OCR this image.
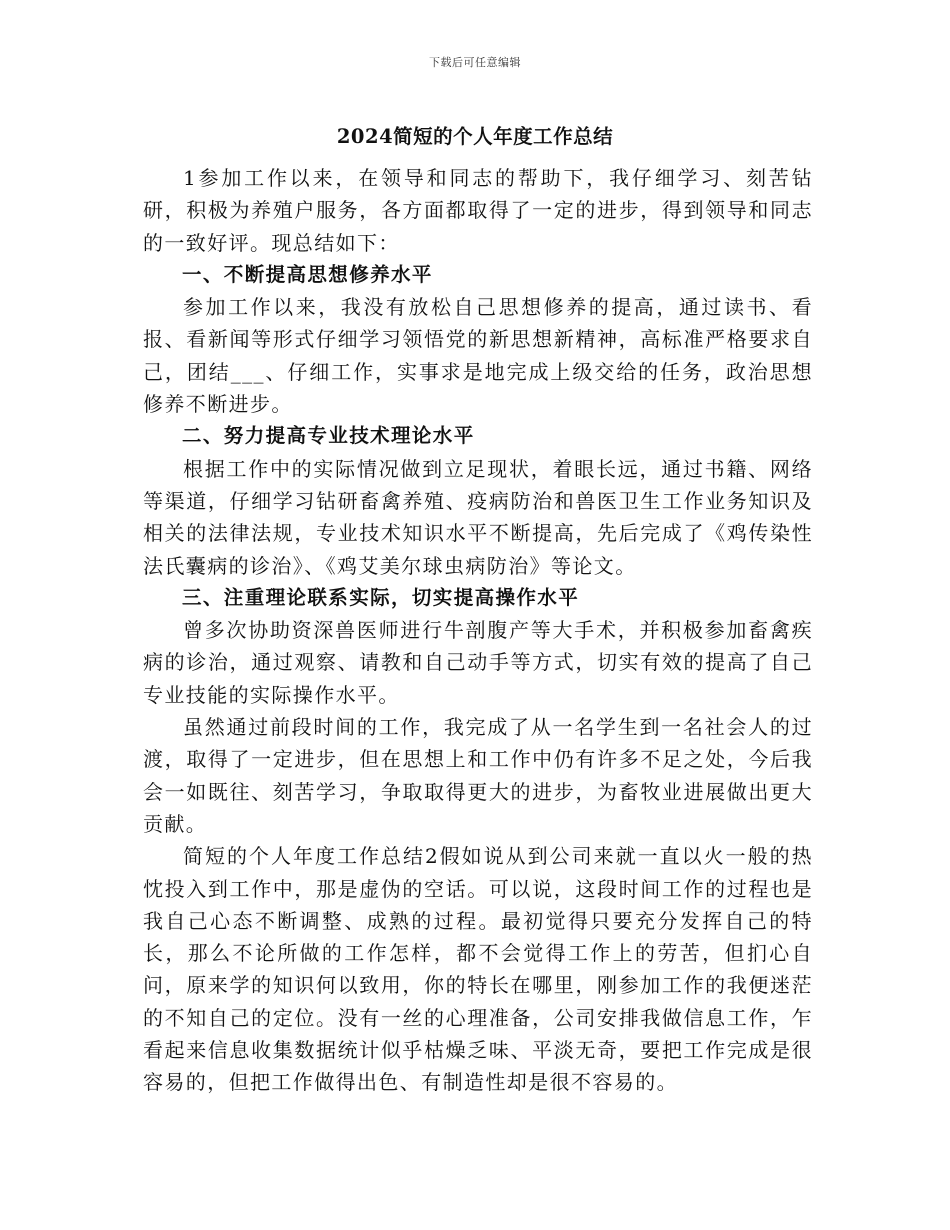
下载后可任意编辑
2024简短的个人年度工作总结

1参加工作以来，在领导和同志的帮助下，我仔细学习、刻苦钻研，积极为养殖户服务，各方面都取得了一定的进步，得到领导和同志的一致好评。现总结如下：

一、不断提高思想修养水平

参加工作以来，我没有放松自己思想修养的提高，通过读书、看报、看新闻等形式仔细学习领悟党的新思想新精神，高标准严格要求自己，团结___、仔细工作，实事求是地完成上级交给的任务，政治思想修养不断进步。

二、努力提高专业技术理论水平

根据工作中的实际情况做到立足现状，着眼长远，通过书籍、网络等渠道，仔细学习钻研畜禽养殖、疫病防治和兽医卫生工作业务知识及相关的法律法规，专业技术知识水平不断提高，先后完成了《鸡传染性法氏囊病的诊治》、《鸡艾美尔球虫病防治》等论文。

三、注重理论联系实际，切实提高操作水平

曾多次协助资深兽医师进行牛剖腹产等大手术，并积极参加畜禽疾病的诊治，通过观察、请教和自己动手等方式，切实有效的提高了自己专业技能的实际操作水平。

虽然通过前段时间的工作，我完成了从一名学生到一名社会人的过渡，取得了一定进步，但在思想上和工作中仍有许多不足之处，今后我会一如既往、刻苦学习，争取取得更大的进步，为畜牧业进展做出更大贡献。

简短的个人年度工作总结2假如说从到公司来就一直以火一般的热忱投入到工作中，那是虚伪的空话。可以说，这段时间工作的过程也是我自己心态不断调整、成熟的过程。最初觉得只要充分发挥自己的特长，那么不论所做的工作怎样，都不会觉得工作上的劳苦，但扪心自问，原来学的知识何以致用，你的特长在哪里，刚参加工作的我便迷茫的不知自己的定位。没有一丝的心理准备，公司安排我做信息工作，乍看起来信息收集数据统计似乎枯燥乏味、平淡无奇，要把工作完成是很容易的，但把工作做得出色、有制造性却是很不容易的。
